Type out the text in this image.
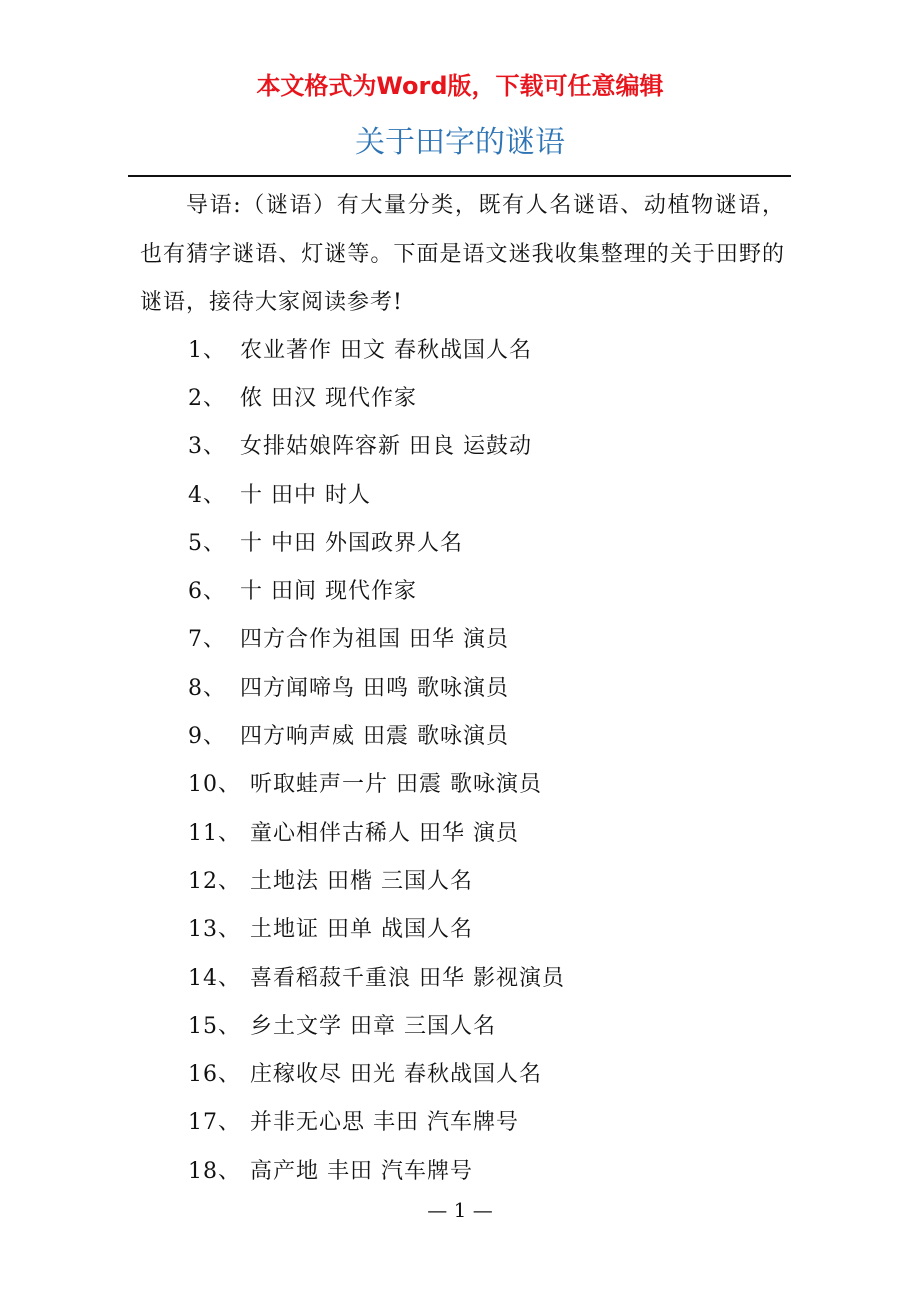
本文格式为Word版，下载可任意编辑
关于田字的谜语

导语:（谜语）有大量分类，既有人名谜语、动植物谜语，也有猜字谜语、灯谜等。下面是语文迷我收集整理的关于田野的谜语，接待大家阅读参考!

1、 农业著作 田文 春秋战国人名
2、 侬 田汉 现代作家
3、 女排姑娘阵容新 田良 运鼓动
4、 十 田中 时人
5、 十 中田 外国政界人名
6、 十 田间 现代作家
7、 四方合作为祖国 田华 演员
8、 四方闻啼鸟 田鸣 歌咏演员
9、 四方响声威 田震 歌咏演员
10、 听取蛙声一片 田震 歌咏演员
11、 童心相伴古稀人 田华 演员
12、 土地法 田楷 三国人名
13、 土地证 田单 战国人名
14、 喜看稻菽千重浪 田华 影视演员
15、 乡土文学 田章 三国人名
16、 庄稼收尽 田光 春秋战国人名
17、 并非无心思 丰田 汽车牌号
18、 高产地 丰田 汽车牌号
— 1 —
